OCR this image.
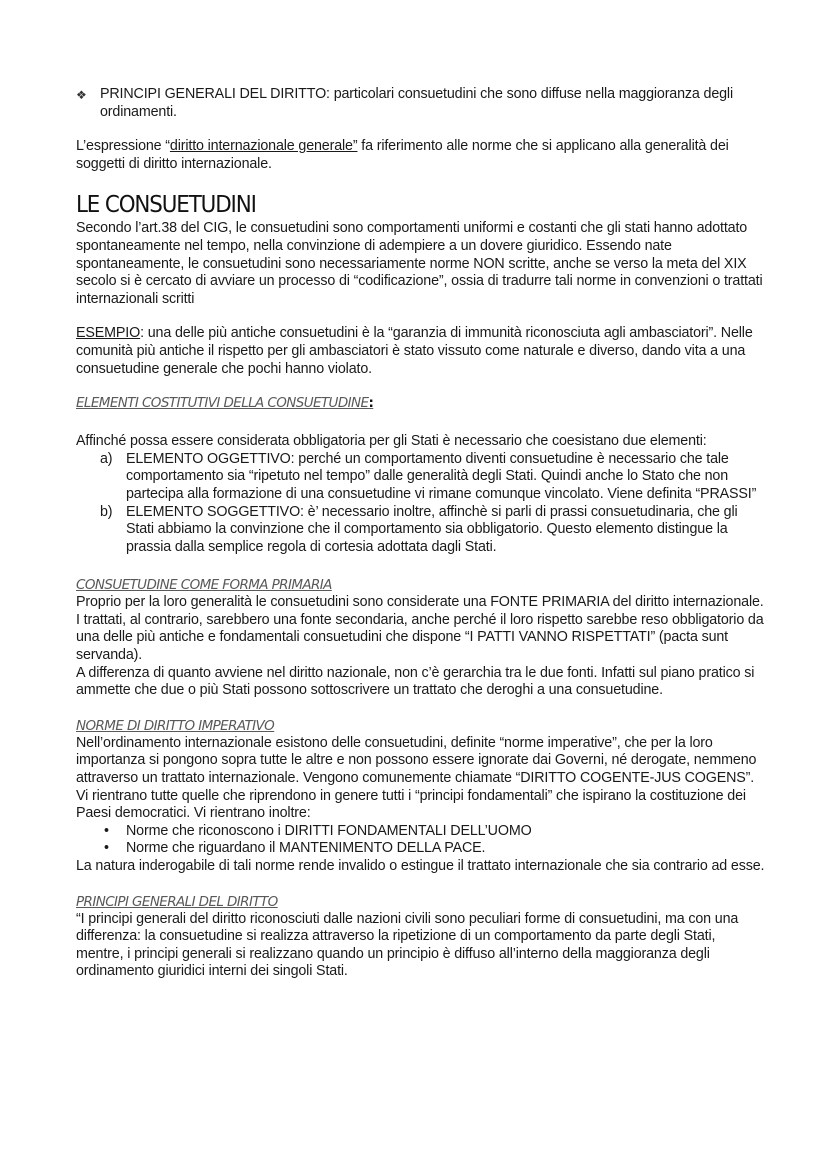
❖ PRINCIPI GENERALI DEL DIRITTO: particolari consuetudini che sono diffuse nella maggioranza degli ordinamenti.

L’espressione “diritto internazionale generale” fa riferimento alle norme che si applicano alla generalità dei soggetti di diritto internazionale.

LE CONSUETUDINI

Secondo l’art.38 del CIG, le consuetudini sono comportamenti uniformi e costanti che gli stati hanno adottato spontaneamente nel tempo, nella convinzione di adempiere a un dovere giuridico. Essendo nate spontaneamente, le consuetudini sono necessariamente norme NON scritte, anche se verso la meta del XIX secolo si è cercato di avviare un processo di “codificazione”, ossia di tradurre tali norme in convenzioni o trattati internazionali scritti

ESEMPIO: una delle più antiche consuetudini è la “garanzia di immunità riconosciuta agli ambasciatori”. Nelle comunità più antiche il rispetto per gli ambasciatori è stato vissuto come naturale e diverso, dando vita a una consuetudine generale che pochi hanno violato.

ELEMENTI COSTITUTIVI DELLA CONSUETUDINE:

Affinché possa essere considerata obbligatoria per gli Stati è necessario che coesistano due elementi:

a) ELEMENTO OGGETTIVO: perché un comportamento diventi consuetudine è necessario che tale comportamento sia “ripetuto nel tempo” dalle generalità degli Stati. Quindi anche lo Stato che non partecipa alla formazione di una consuetudine vi rimane comunque vincolato. Viene definita “PRASSI”
b) ELEMENTO SOGGETTIVO: è’ necessario inoltre, affinchè si parli di prassi consuetudinaria, che gli Stati abbiamo la convinzione che il comportamento sia obbligatorio. Questo elemento distingue la prassia dalla semplice regola di cortesia adottata dagli Stati.
CONSUETUDINE COME FORMA PRIMARIA

Proprio per la loro generalità le consuetudini sono considerate una FONTE PRIMARIA del diritto internazionale. I trattati, al contrario, sarebbero una fonte secondaria, anche perché il loro rispetto sarebbe reso obbligatorio da una delle più antiche e fondamentali consuetudini che dispone “I PATTI VANNO RISPETTATI” (pacta sunt servanda).

A differenza di quanto avviene nel diritto nazionale, non c’è gerarchia tra le due fonti. Infatti sul piano pratico si ammette che due o più Stati possono sottoscrivere un trattato che deroghi a una consuetudine.

NORME DI DIRITTO IMPERATIVO

Nell’ordinamento internazionale esistono delle consuetudini, definite “norme imperative”, che per la loro importanza si pongono sopra tutte le altre e non possono essere ignorate dai Governi, né derogate, nemmeno attraverso un trattato internazionale. Vengono comunemente chiamate “DIRITTO COGENTE-JUS COGENS”. Vi rientrano tutte quelle che riprendono in genere tutti i “principi fondamentali” che ispirano la costituzione dei Paesi democratici. Vi rientrano inoltre:

• Norme che riconoscono i DIRITTI FONDAMENTALI DELL’UOMO
• Norme che riguardano il MANTENIMENTO DELLA PACE.

La natura inderogabile di tali norme rende invalido o estingue il trattato internazionale che sia contrario ad esse.

PRINCIPI GENERALI DEL DIRITTO

“I principi generali del diritto riconosciuti dalle nazioni civili sono peculiari forme di consuetudini, ma con una differenza: la consuetudine si realizza attraverso la ripetizione di un comportamento da parte degli Stati, mentre, i principi generali si realizzano quando un principio è diffuso all’interno della maggioranza degli ordinamento giuridici interni dei singoli Stati.
